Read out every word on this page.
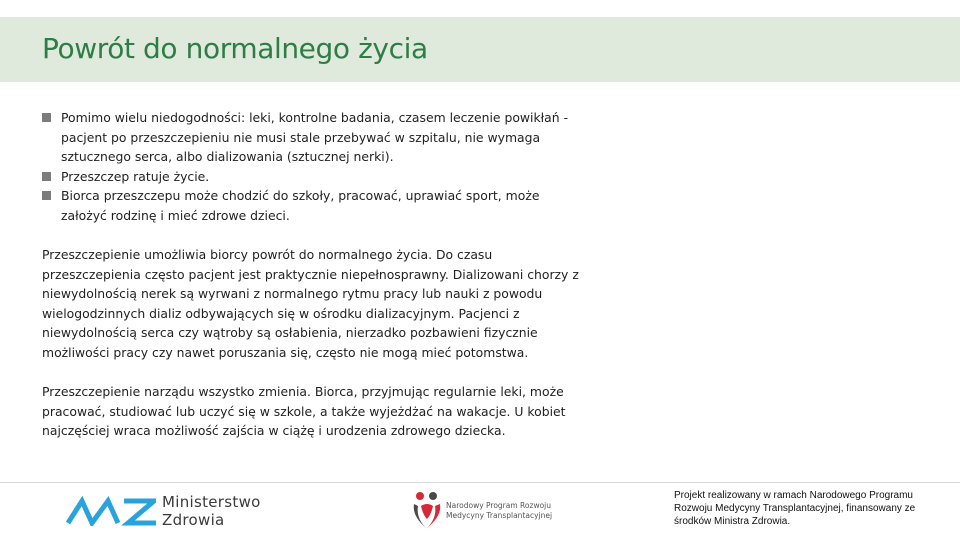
Powrót do normalnego życia
Pomimo wielu niedogodności: leki, kontrolne badania, czasem leczenie powikłań - pacjent po przeszczepieniu nie musi stale przebywać w szpitalu, nie wymaga sztucznego serca, albo dializowania (sztucznej nerki).
Przeszczep ratuje życie.
Biorca przeszczepu może chodzić do szkoły, pracować, uprawiać sport, może założyć rodzinę i mieć zdrowe dzieci.

Przeszczepienie umożliwia biorcy powrót do normalnego życia. Do czasu przeszczepienia często pacjent jest praktycznie niepełnosprawny. Dializowani chorzy z niewydolnością nerek są wyrwani z normalnego rytmu pracy lub nauki z powodu wielogodzinnych dializ odbywających się w ośrodku dializacyjnym. Pacjenci z niewydolnością serca czy wątroby są osłabienia, nierzadko pozbawieni fizycznie możliwości pracy czy nawet poruszania się, często nie mogą mieć potomstwa.

Przeszczepienie narządu wszystko zmienia. Biorca, przyjmując regularnie leki, może pracować, studiować lub uczyć się w szkole, a także wyjeżdżać na wakacje. U kobiet najczęściej wraca możliwość zajścia w ciążę i urodzenia zdrowego dziecka.

Ministerstwo
Zdrowia
Narodowy Program Rozwoju
Medycyny Transplantacyjnej
Projekt realizowany w ramach Narodowego Programu Rozwoju Medycyny Transplantacyjnej, finansowany ze środków Ministra Zdrowia.
